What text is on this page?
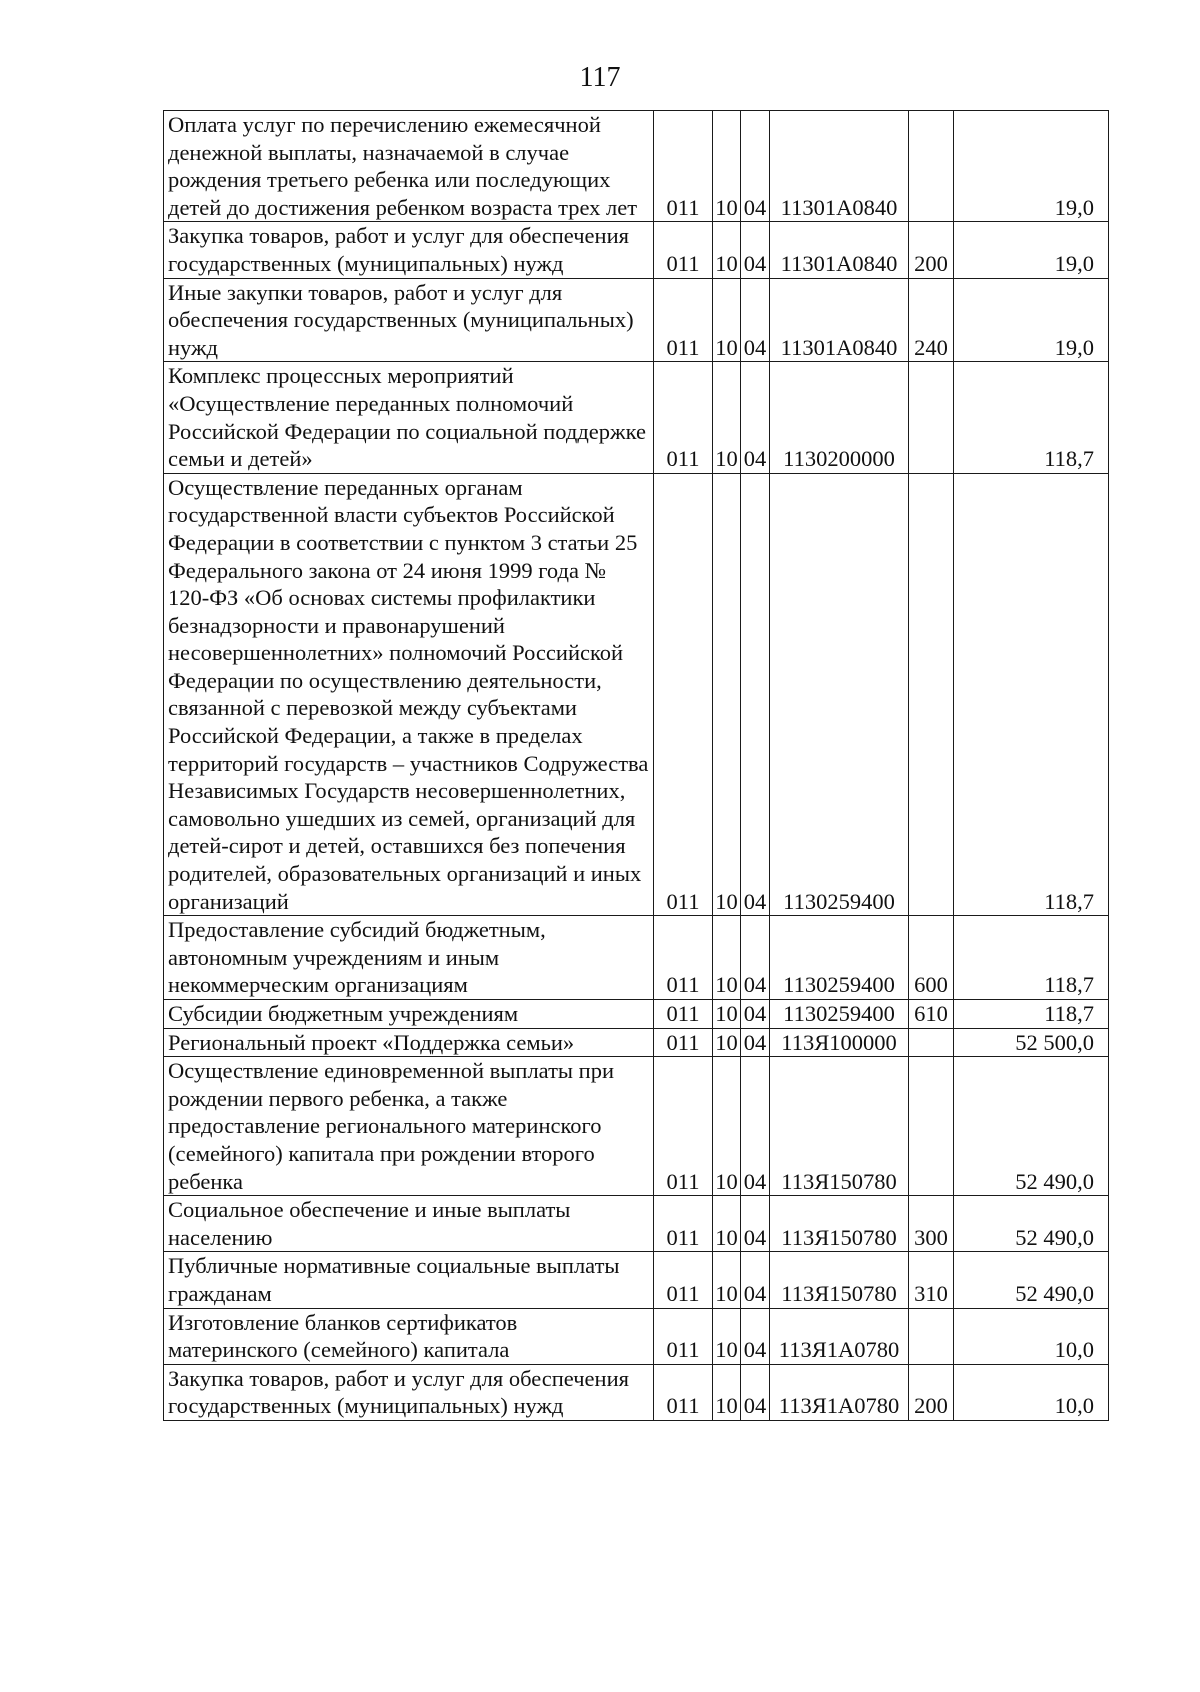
117
Оплата услуг по перечислению ежемесячной денежной выплаты, назначаемой в случае рождения третьего ребенка или последующих детей до достижения ребенком возраста трех лет	011	10	04	11301А0840		19,0
Закупка товаров, работ и услуг для обеспечения государственных (муниципальных) нужд	011	10	04	11301А0840	200	19,0
Иные закупки товаров, работ и услуг для обеспечения государственных (муниципальных) нужд	011	10	04	11301А0840	240	19,0
Комплекс процессных мероприятий «Осуществление переданных полномочий Российской Федерации по социальной поддержке семьи и детей»	011	10	04	1130200000		118,7
Осуществление переданных органам государственной власти субъектов Российской Федерации в соответствии с пунктом 3 статьи 25 Федерального закона от 24 июня 1999 года № 120-ФЗ «Об основах системы профилактики безнадзорности и правонарушений несовершеннолетних» полномочий Российской Федерации по осуществлению деятельности, связанной с перевозкой между субъектами Российской Федерации, а также в пределах территорий государств – участников Содружества Независимых Государств несовершеннолетних, самовольно ушедших из семей, организаций для детей-сирот и детей, оставшихся без попечения родителей, образовательных организаций и иных организаций	011	10	04	1130259400		118,7
Предоставление субсидий бюджетным, автономным учреждениям и иным некоммерческим организациям	011	10	04	1130259400	600	118,7
Субсидии бюджетным учреждениям	011	10	04	1130259400	610	118,7
Региональный проект «Поддержка семьи»	011	10	04	113Я100000		52 500,0
Осуществление единовременной выплаты при рождении первого ребенка, а также предоставление регионального материнского (семейного) капитала при рождении второго ребенка	011	10	04	113Я150780		52 490,0
Социальное обеспечение и иные выплаты населению	011	10	04	113Я150780	300	52 490,0
Публичные нормативные социальные выплаты гражданам	011	10	04	113Я150780	310	52 490,0
Изготовление бланков сертификатов материнского (семейного) капитала	011	10	04	113Я1А0780		10,0
Закупка товаров, работ и услуг для обеспечения государственных (муниципальных) нужд	011	10	04	113Я1А0780	200	10,0
